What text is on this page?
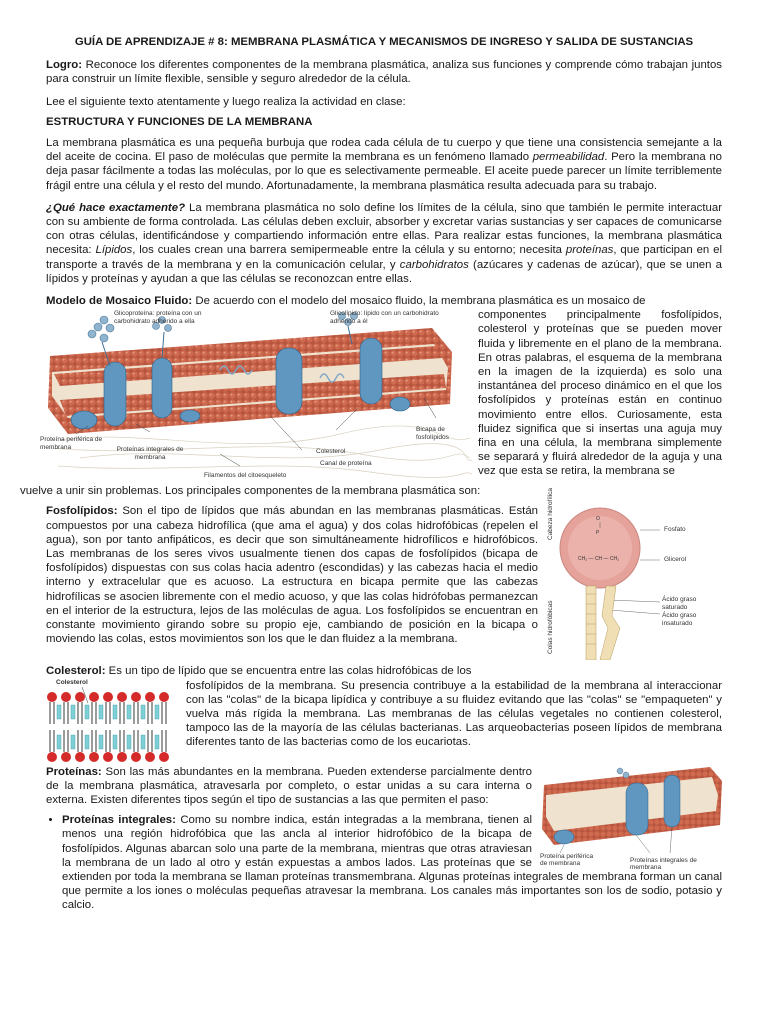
GUÍA DE APRENDIZAJE # 8: MEMBRANA PLASMÁTICA Y MECANISMOS DE INGRESO Y SALIDA DE SUSTANCIAS

Logro: Reconoce los diferentes componentes de la membrana plasmática, analiza sus funciones y comprende cómo trabajan juntos para construir un límite flexible, sensible y seguro alrededor de la célula.

Lee el siguiente texto atentamente y luego realiza la actividad en clase:

ESTRUCTURA Y FUNCIONES DE LA MEMBRANA

La membrana plasmática es una pequeña burbuja que rodea cada célula de tu cuerpo y que tiene una consistencia semejante a la del aceite de cocina. El paso de moléculas que permite la membrana es un fenómeno llamado permeabilidad. Pero la membrana no deja pasar fácilmente a todas las moléculas, por lo que es selectivamente permeable. El aceite puede parecer un límite terriblemente frágil entre una célula y el resto del mundo. Afortunadamente, la membrana plasmática resulta adecuada para su trabajo.

¿Qué hace exactamente? La membrana plasmática no solo define los límites de la célula, sino que también le permite interactuar con su ambiente de forma controlada. Las células deben excluir, absorber y excretar varias sustancias y ser capaces de comunicarse con otras células, identificándose y compartiendo información entre ellas. Para realizar estas funciones, la membrana plasmática necesita: Lípidos, los cuales crean una barrera semipermeable entre la célula y su entorno; necesita proteínas, que participan en el transporte a través de la membrana y en la comunicación celular, y carbohidratos (azúcares y cadenas de azúcar), que se unen a lípidos y proteínas y ayudan a que las células se reconozcan entre ellas.

Modelo de Mosaico Fluido: De acuerdo con el modelo del mosaico fluido, la membrana plasmática es un mosaico de
Glicoproteína: proteína con un carbohidrato adherido a ella
Glicolípido: lípido con un carbohidrato adherido a él
Proteína periférica de membrana	Proteínas integrales de membrana
Colesterol
Canal de proteína
Bicapa de fosfolípidos
Filamentos del citoesqueleto

componentes principalmente fosfolípidos, colesterol y proteínas que se pueden mover fluida y libremente en el plano de la membrana. En otras palabras, el esquema de la membrana en la imagen de la izquierda) es solo una instantánea del proceso dinámico en el que los fosfolípidos y proteínas están en continuo movimiento entre ellos. Curiosamente, esta fluidez significa que si insertas una aguja muy fina en una célula, la membrana simplemente se separará y fluirá alrededor de la aguja y una vez que esta se retira, la membrana se

vuelve a unir sin problemas. Los principales componentes de la membrana plasmática son:

O
P
CH₂ — CH — CH₂
Cabeza hidrofílica
Colas hidrofóbicas
Fosfato
Glicerol
Ácido graso saturado
Ácido graso insaturado

Fosfolípidos: Son el tipo de lípidos que más abundan en las membranas plasmáticas. Están compuestos por una cabeza hidrofílica (que ama el agua) y dos colas hidrofóbicas (repelen el agua), son por tanto anfipáticos, es decir que son simultáneamente hidrofílicos e hidrofóbicos. Las membranas de los seres vivos usualmente tienen dos capas de fosfolípidos (bicapa de fosfolípidos) dispuestas con sus colas hacia adentro (escondidas) y las cabezas hacia el medio interno y extracelular que es acuoso. La estructura en bicapa permite que las cabezas hidrofílicas se asocien libremente con el medio acuoso, y que las colas hidrófobas permanezcan en el interior de la estructura, lejos de las moléculas de agua. Los fosfolípidos se encuentran en constante movimiento girando sobre su propio eje, cambiando de posición en la bicapa o moviendo las colas, estos movimientos son los que le dan fluidez a la membrana.

Colesterol: Es un tipo de lípido que se encuentra entre las colas hidrofóbicas de los
Colesterol	fosfolípidos de la membrana. Su presencia contribuye a la estabilidad de la membrana al interaccionar con las "colas" de la bicapa lipídica y contribuye a su fluidez evitando que las "colas" se "empaqueten" y vuelva más rígida la membrana. Las membranas de las células vegetales no contienen colesterol, tampoco las de la mayoría de las células bacterianas. Las arqueobacterias poseen lípidos de membrana diferentes tanto de las bacterias como de los eucariotas.

Proteína periférica de membrana	Proteínas integrales de membrana

Proteínas: Son las más abundantes en la membrana. Pueden extenderse parcialmente dentro de la membrana plasmática, atravesarla por completo, o estar unidas a su cara interna o externa. Existen diferentes tipos según el tipo de sustancias a las que permiten el paso:

• Proteínas integrales: Como su nombre indica, están integradas a la membrana, tienen al menos una región hidrofóbica que las ancla al interior hidrofóbico de la bicapa de fosfolípidos. Algunas abarcan solo una parte de la membrana, mientras que otras atraviesan la membrana de un lado al otro y están expuestas a ambos lados. Las proteínas que se extienden por toda la membrana se llaman proteínas transmembrana. Algunas proteínas integrales de membrana forman un canal que permite a los iones o moléculas pequeñas atravesar la membrana. Los canales más importantes son los de sodio, potasio y calcio.
